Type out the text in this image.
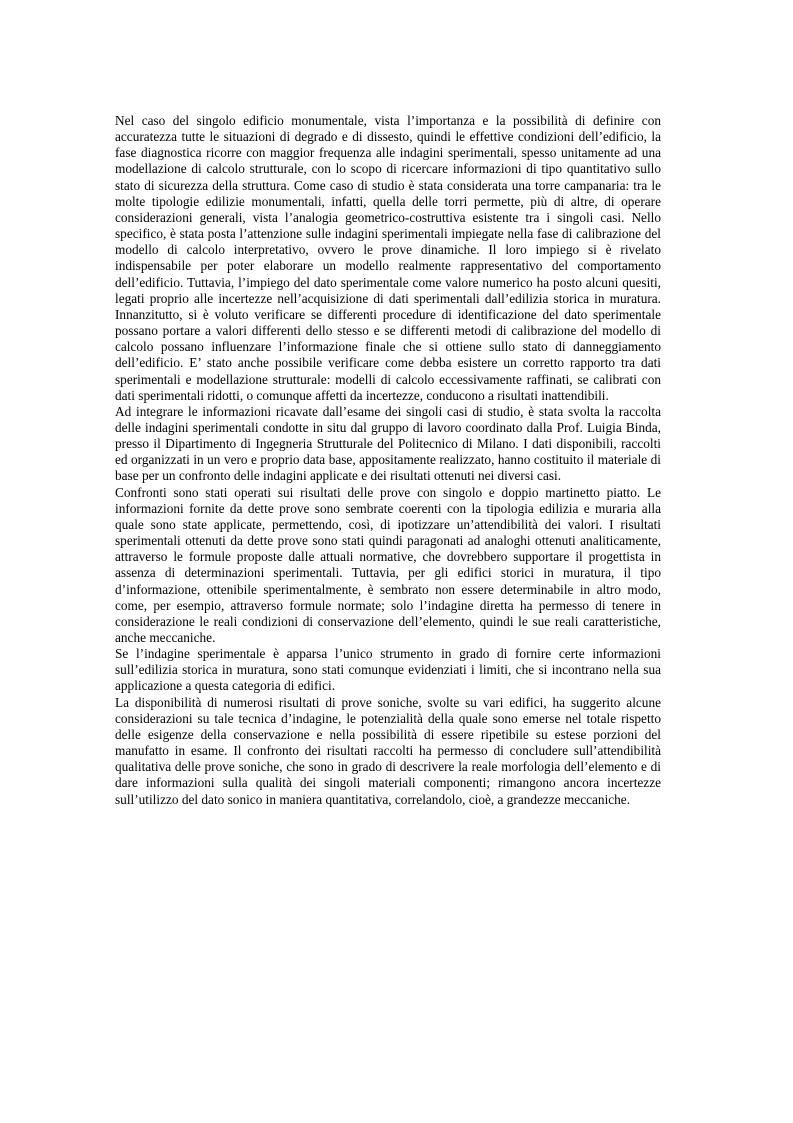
Nel caso del singolo edificio monumentale, vista l’importanza e la possibilità di definire con accuratezza tutte le situazioni di degrado e di dissesto, quindi le effettive condizioni dell’edificio, la fase diagnostica ricorre con maggior frequenza alle indagini sperimentali, spesso unitamente ad una modellazione di calcolo strutturale, con lo scopo di ricercare informazioni di tipo quantitativo sullo stato di sicurezza della struttura. Come caso di studio è stata considerata una torre campanaria: tra le molte tipologie edilizie monumentali, infatti, quella delle torri permette, più di altre, di operare considerazioni generali, vista l’analogia geometrico-costruttiva esistente tra i singoli casi. Nello specifico, è stata posta l’attenzione sulle indagini sperimentali impiegate nella fase di calibrazione del modello di calcolo interpretativo, ovvero le prove dinamiche. Il loro impiego si è rivelato indispensabile per poter elaborare un modello realmente rappresentativo del comportamento dell’edificio. Tuttavia, l’impiego del dato sperimentale come valore numerico ha posto alcuni quesiti, legati proprio alle incertezze nell’acquisizione di dati sperimentali dall’edilizia storica in muratura. Innanzitutto, si è voluto verificare se differenti procedure di identificazione del dato sperimentale possano portare a valori differenti dello stesso e se differenti metodi di calibrazione del modello di calcolo possano influenzare l’informazione finale che si ottiene sullo stato di danneggiamento dell’edificio. E’ stato anche possibile verificare come debba esistere un corretto rapporto tra dati sperimentali e modellazione strutturale: modelli di calcolo eccessivamente raffinati, se calibrati con dati sperimentali ridotti, o comunque affetti da incertezze, conducono a risultati inattendibili.

Ad integrare le informazioni ricavate dall’esame dei singoli casi di studio, è stata svolta la raccolta delle indagini sperimentali condotte in situ dal gruppo di lavoro coordinato dalla Prof. Luigia Binda, presso il Dipartimento di Ingegneria Strutturale del Politecnico di Milano. I dati disponibili, raccolti ed organizzati in un vero e proprio data base, appositamente realizzato, hanno costituito il materiale di base per un confronto delle indagini applicate e dei risultati ottenuti nei diversi casi.

Confronti sono stati operati sui risultati delle prove con singolo e doppio martinetto piatto. Le informazioni fornite da dette prove sono sembrate coerenti con la tipologia edilizia e muraria alla quale sono state applicate, permettendo, così, di ipotizzare un’attendibilità dei valori. I risultati sperimentali ottenuti da dette prove sono stati quindi paragonati ad analoghi ottenuti analiticamente, attraverso le formule proposte dalle attuali normative, che dovrebbero supportare il progettista in assenza di determinazioni sperimentali. Tuttavia, per gli edifici storici in muratura, il tipo d’informazione, ottenibile sperimentalmente, è sembrato non essere determinabile in altro modo, come, per esempio, attraverso formule normate; solo l’indagine diretta ha permesso di tenere in considerazione le reali condizioni di conservazione dell’elemento, quindi le sue reali caratteristiche, anche meccaniche.

Se l’indagine sperimentale è apparsa l’unico strumento in grado di fornire certe informazioni sull’edilizia storica in muratura, sono stati comunque evidenziati i limiti, che si incontrano nella sua applicazione a questa categoria di edifici.

La disponibilità di numerosi risultati di prove soniche, svolte su vari edifici, ha suggerito alcune considerazioni su tale tecnica d’indagine, le potenzialità della quale sono emerse nel totale rispetto delle esigenze della conservazione e nella possibilità di essere ripetibile su estese porzioni del manufatto in esame. Il confronto dei risultati raccolti ha permesso di concludere sull’attendibilità qualitativa delle prove soniche, che sono in grado di descrivere la reale morfologia dell’elemento e di dare informazioni sulla qualità dei singoli materiali componenti; rimangono ancora incertezze sull’utilizzo del dato sonico in maniera quantitativa, correlandolo, cioè, a grandezze meccaniche.
